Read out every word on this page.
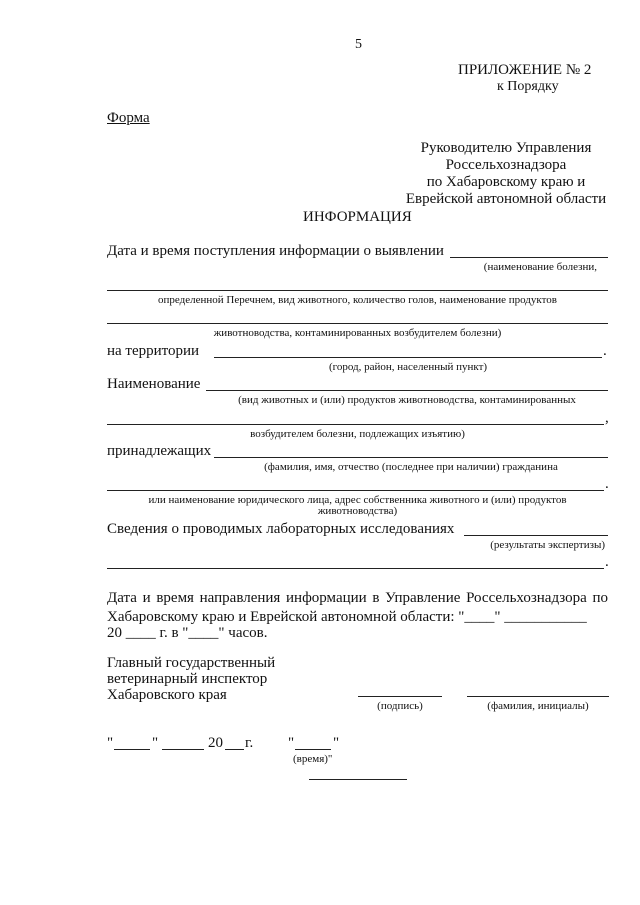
5
ПРИЛОЖЕНИЕ № 2
к Порядку
Форма
Руководителю Управления
Россельхознадзора
по Хабаровскому краю и
Еврейской автономной области
ИНФОРМАЦИЯ
Дата и время поступления информации о выявлении
(наименование болезни,
определенной Перечнем, вид животного, количество голов, наименование продуктов
животноводства, контаминированных возбудителем болезни)
на территории	.
(город, район, населенный пункт)
Наименование
(вид животных и (или) продуктов животноводства, контаминированных
,
возбудителем болезни, подлежащих изъятию)
принадлежащих
(фамилия, имя, отчество (последнее при наличии) гражданина
.
или наименование юридического лица, адрес собственника животного и (или) продуктов
животноводства)
Сведения о проводимых лабораторных исследованиях
(результаты экспертизы)
.
Дата и время направления информации в Управление Россельхознадзора по Хабаровскому краю и Еврейской автономной области: "____" ___________
20 ____ г. в "____" часов.
Главный государственный
ветеринарный инспектор
Хабаровского края
(подпись)	(фамилия, инициалы)
"	"	20 г. "	"
(время)"
